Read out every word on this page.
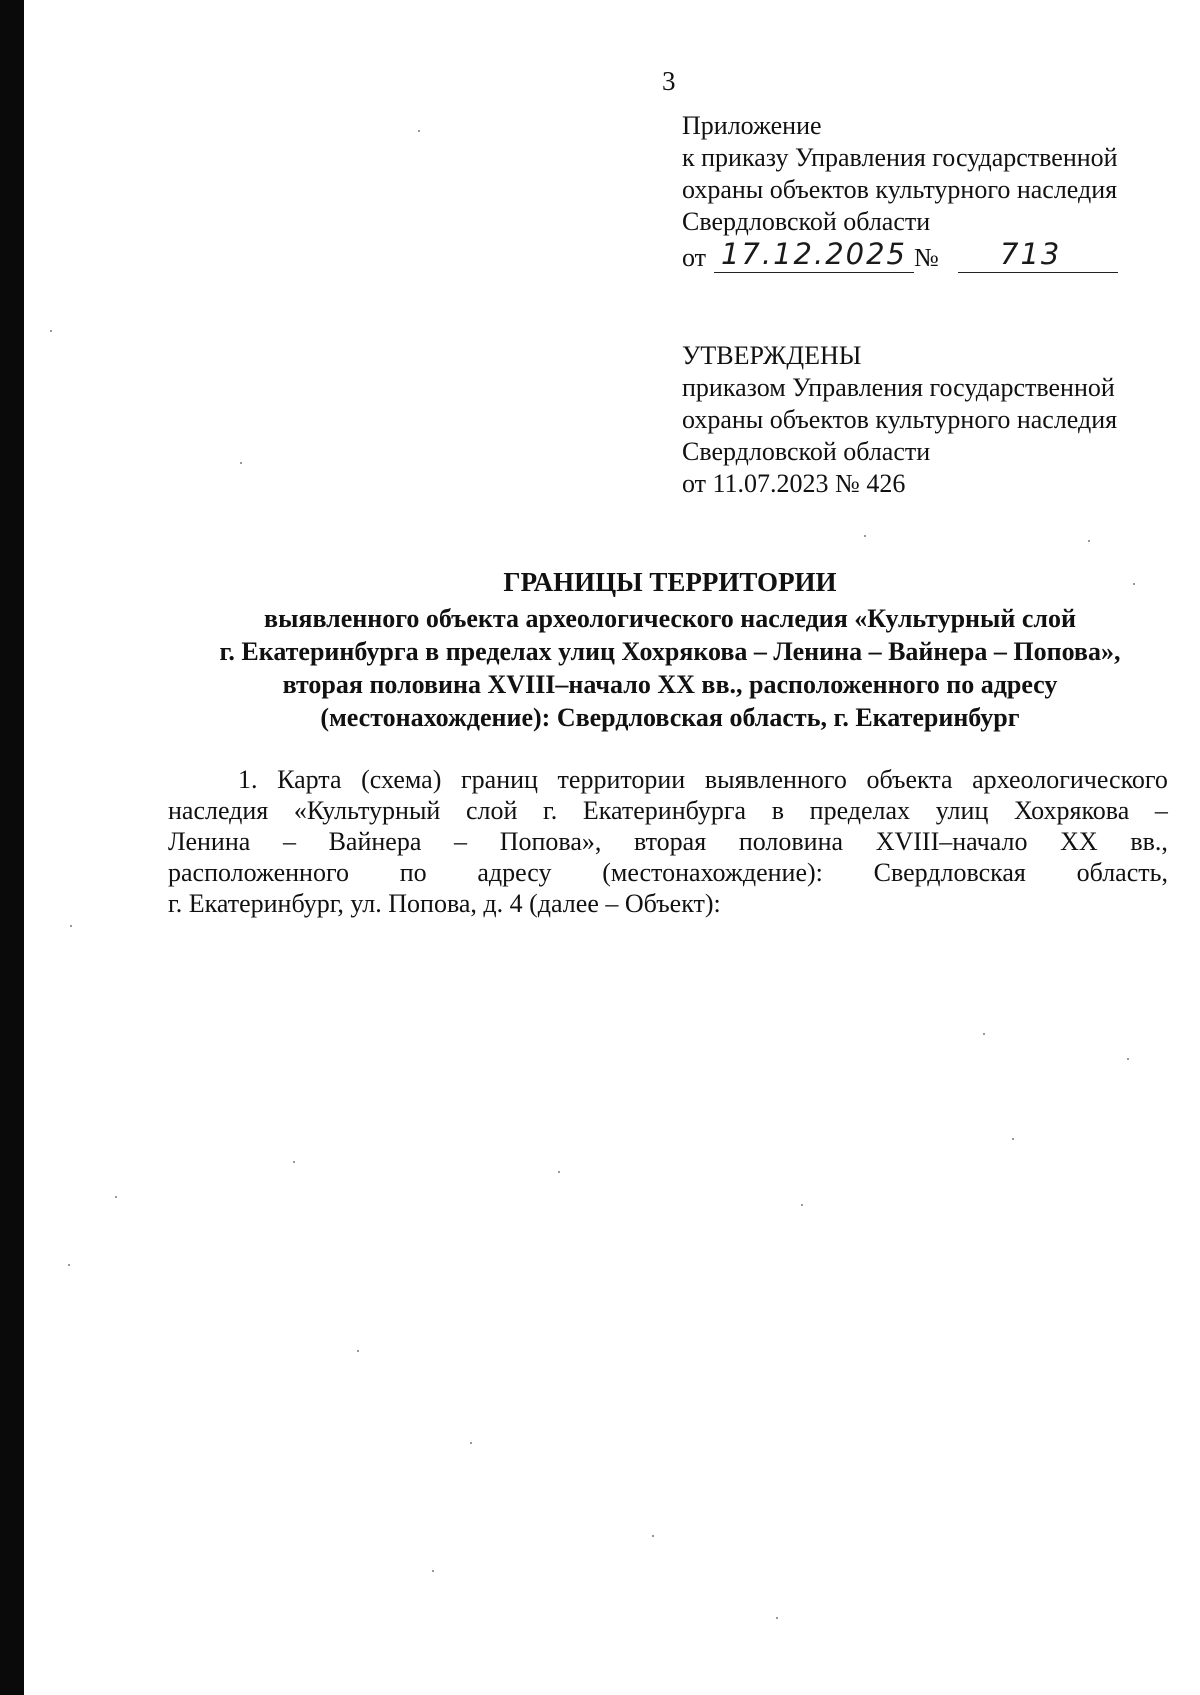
3
Приложение
к приказу Управления государственной
охраны объектов культурного наследия
Свердловской области
от 17.12.2025 №	713
УТВЕРЖДЕНЫ
приказом Управления государственной
охраны объектов культурного наследия
Свердловской области
от 11.07.2023 № 426
ГРАНИЦЫ ТЕРРИТОРИИ
выявленного объекта археологического наследия «Культурный слой
г. Екатеринбурга в пределах улиц Хохрякова – Ленина – Вайнера – Попова»,
вторая половина XVIII–начало XX вв., расположенного по адресу
(местонахождение): Свердловская область, г. Екатеринбург
1. Карта (схема) границ территории выявленного объекта археологического
наследия «Культурный слой г. Екатеринбурга в пределах улиц Хохрякова –
Ленина – Вайнера – Попова», вторая половина XVIII–начало XX вв.,
расположенного по адресу (местонахождение): Свердловская область,
г. Екатеринбург, ул. Попова, д. 4 (далее – Объект):
